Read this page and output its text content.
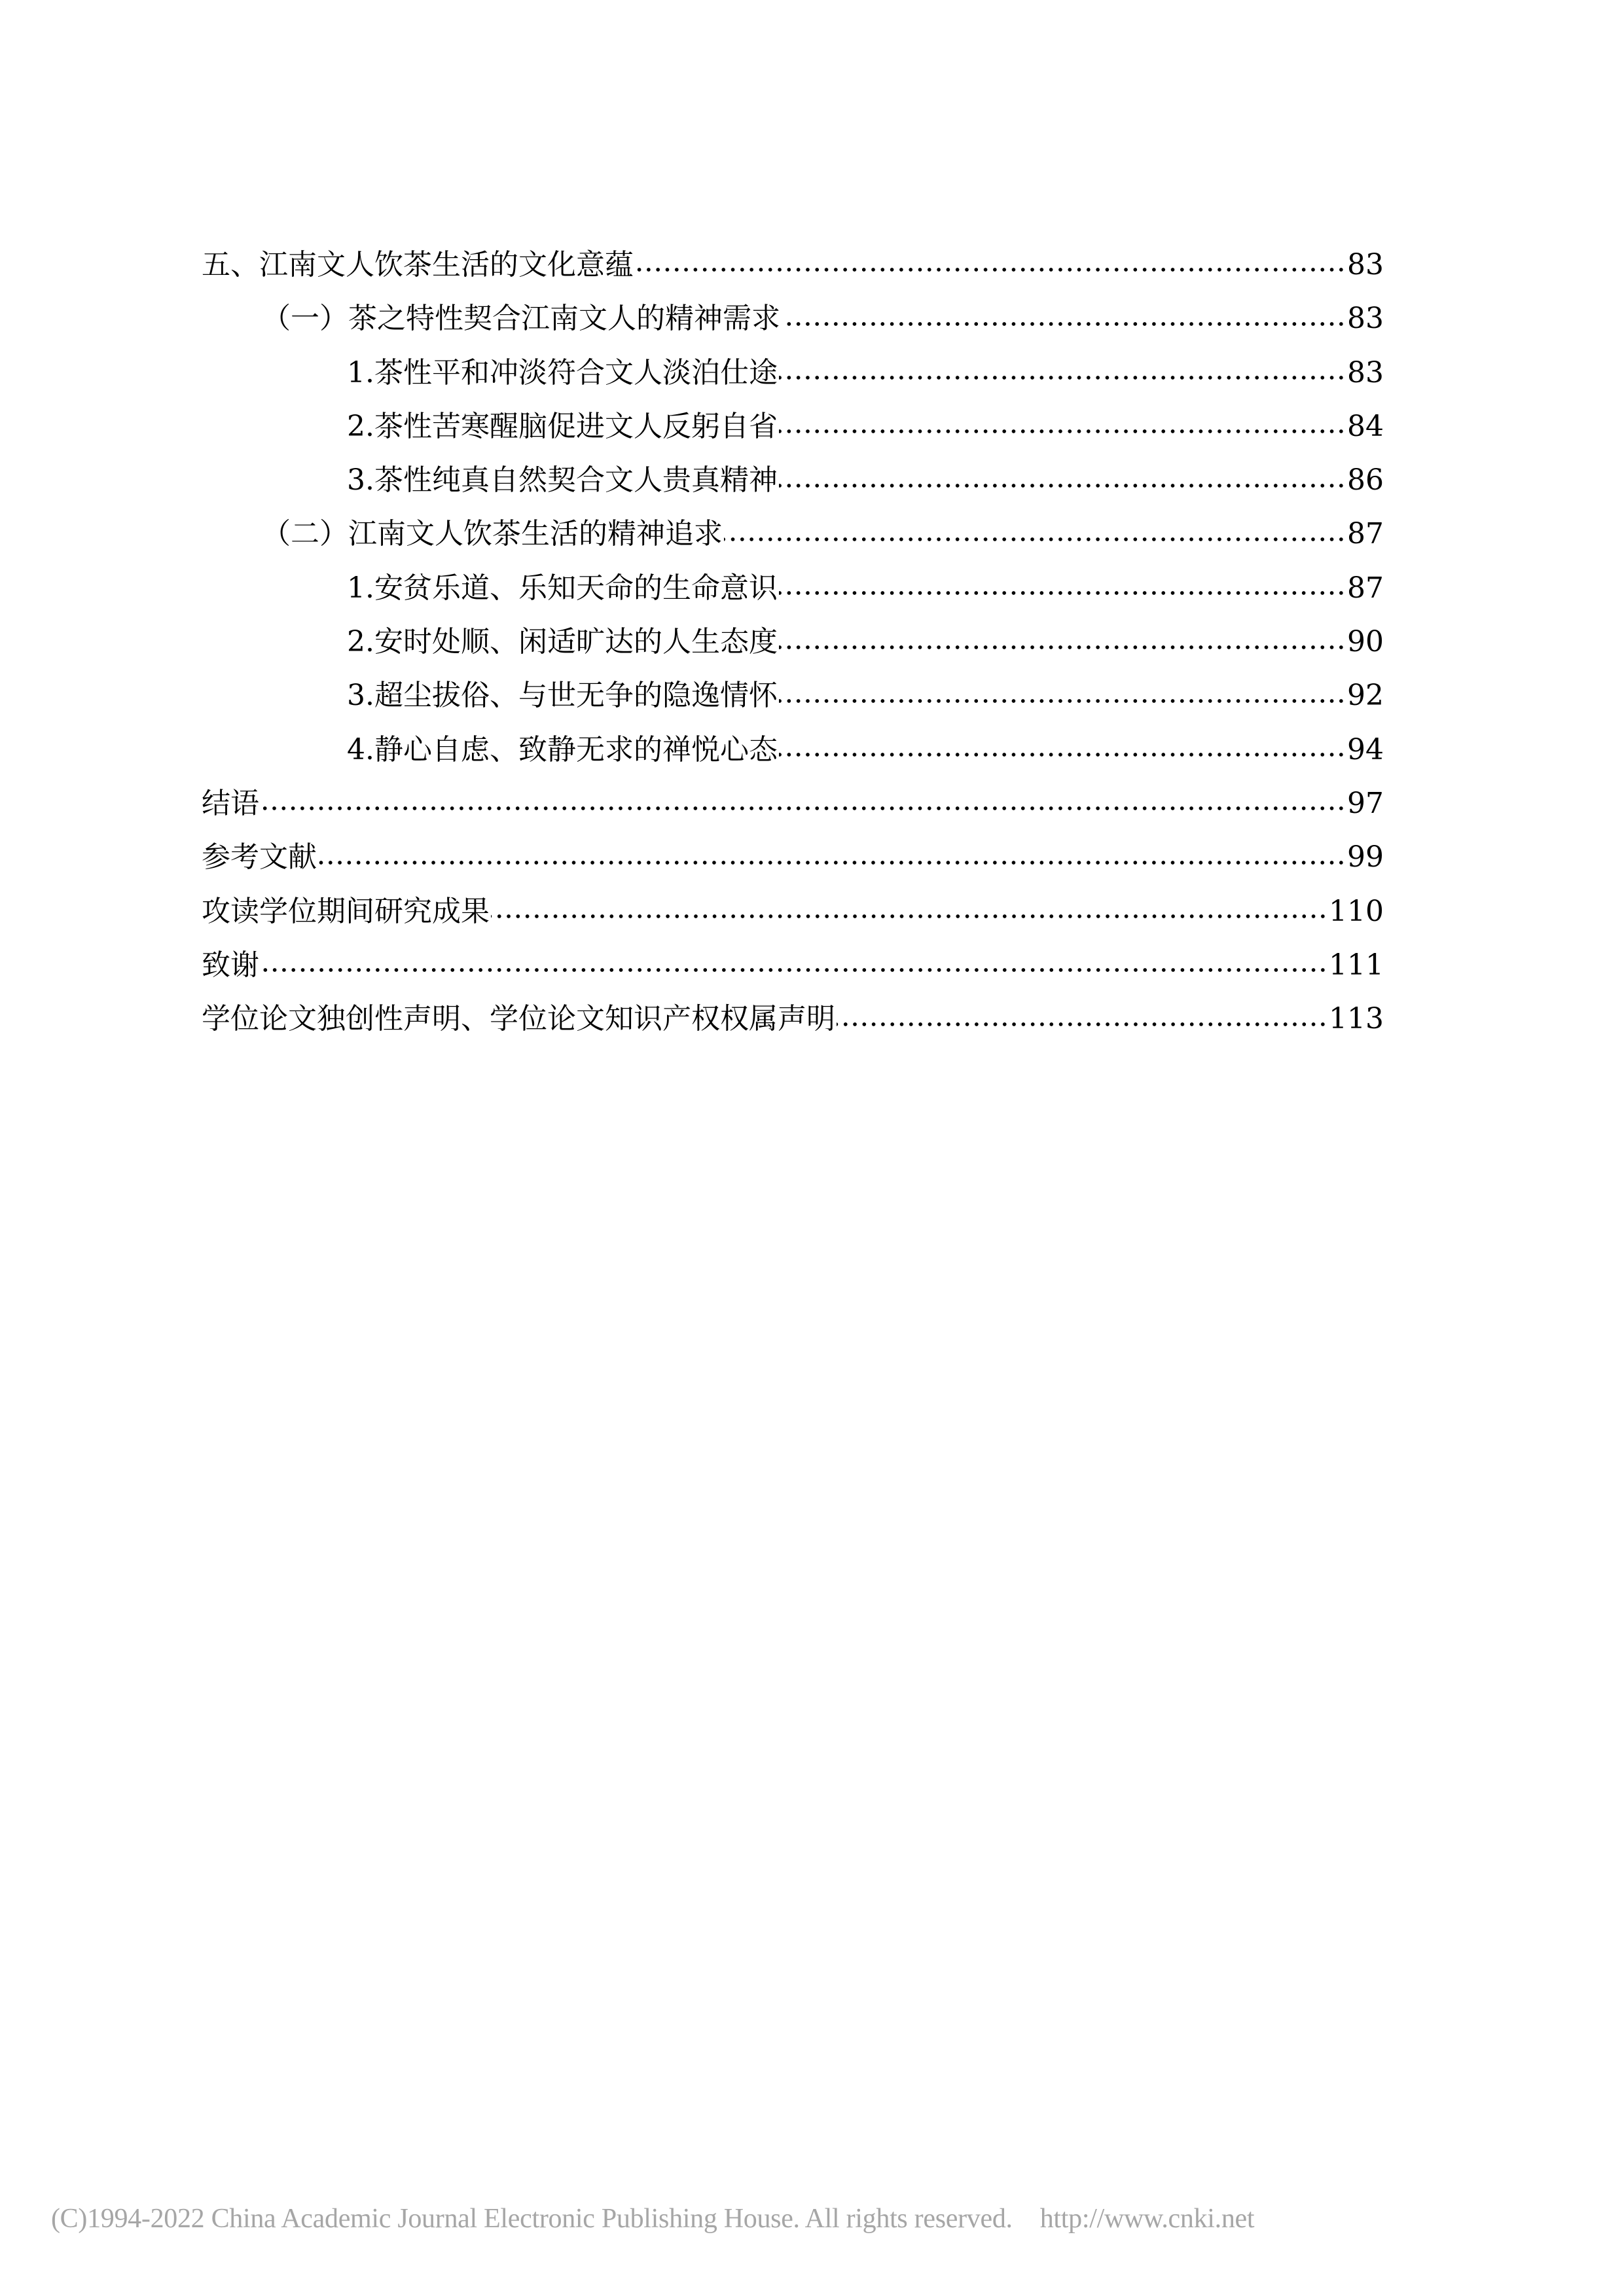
五、江南文人饮茶生活的文化意蕴	83
（一）茶之特性契合江南文人的精神需求	83
1.茶性平和冲淡符合文人淡泊仕途	83
2.茶性苦寒醒脑促进文人反躬自省	84
3.茶性纯真自然契合文人贵真精神	86
（二）江南文人饮茶生活的精神追求	87
1.安贫乐道、乐知天命的生命意识	87
2.安时处顺、闲适旷达的人生态度	90
3.超尘拔俗、与世无争的隐逸情怀	92
4.静心自虑、致静无求的禅悦心态	94
结语	97
参考文献	99
攻读学位期间研究成果	110
致谢	111
学位论文独创性声明、学位论文知识产权权属声明	113
(C)1994-2022 China Academic Journal Electronic Publishing House. All rights reserved. http://www.cnki.net
